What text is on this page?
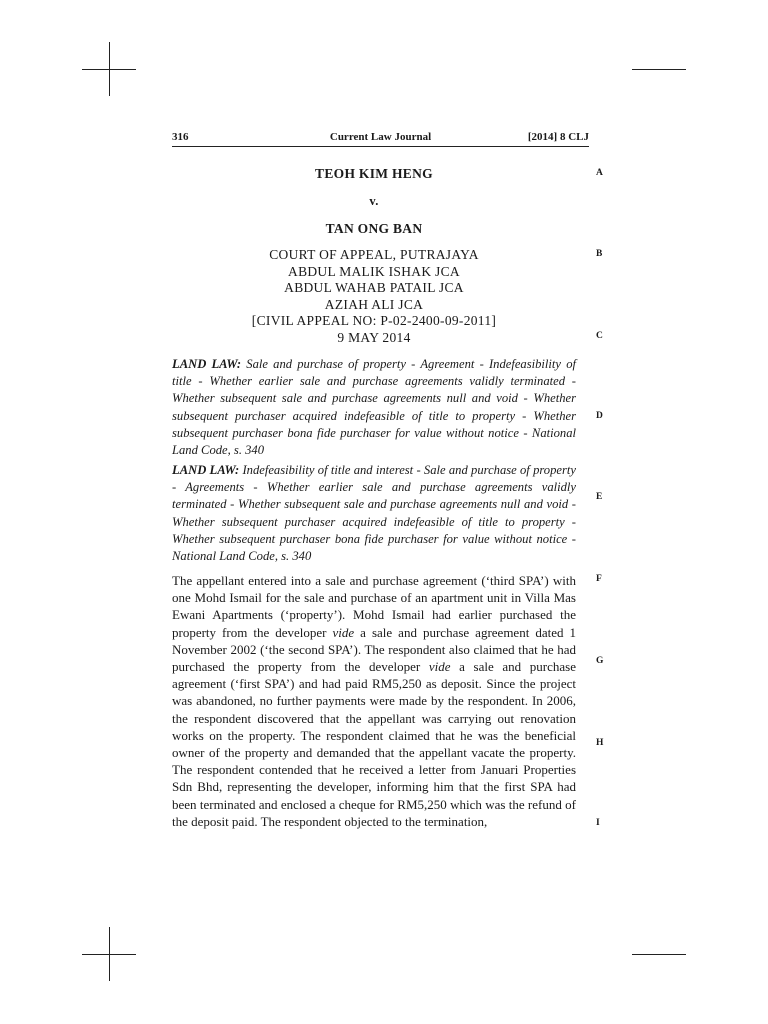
316	Current Law Journal	[2014] 8 CLJ
TEOH KIM HENG
v.
TAN ONG BAN
COURT OF APPEAL, PUTRAJAYA
ABDUL MALIK ISHAK JCA
ABDUL WAHAB PATAIL JCA
AZIAH ALI JCA
[CIVIL APPEAL NO: P-02-2400-09-2011]
9 MAY 2014
LAND LAW: Sale and purchase of property - Agreement - Indefeasibility of title - Whether earlier sale and purchase agreements validly terminated - Whether subsequent sale and purchase agreements null and void - Whether subsequent purchaser acquired indefeasible of title to property - Whether subsequent purchaser bona fide purchaser for value without notice - National Land Code, s. 340
LAND LAW: Indefeasibility of title and interest - Sale and purchase of property - Agreements - Whether earlier sale and purchase agreements validly terminated - Whether subsequent sale and purchase agreements null and void - Whether subsequent purchaser acquired indefeasible of title to property - Whether subsequent purchaser bona fide purchaser for value without notice - National Land Code, s. 340
The appellant entered into a sale and purchase agreement (‘third SPA’) with one Mohd Ismail for the sale and purchase of an apartment unit in Villa Mas Ewani Apartments (‘property’). Mohd Ismail had earlier purchased the property from the developer vide a sale and purchase agreement dated 1 November 2002 (‘the second SPA’). The respondent also claimed that he had purchased the property from the developer vide a sale and purchase agreement (‘first SPA’) and had paid RM5,250 as deposit. Since the project was abandoned, no further payments were made by the respondent. In 2006, the respondent discovered that the appellant was carrying out renovation works on the property. The respondent claimed that he was the beneficial owner of the property and demanded that the appellant vacate the property. The respondent contended that he received a letter from Januari Properties Sdn Bhd, representing the developer, informing him that the first SPA had been terminated and enclosed a cheque for RM5,250 which was the refund of the deposit paid. The respondent objected to the termination,
A
B
C
D
E
F
G
H
I
